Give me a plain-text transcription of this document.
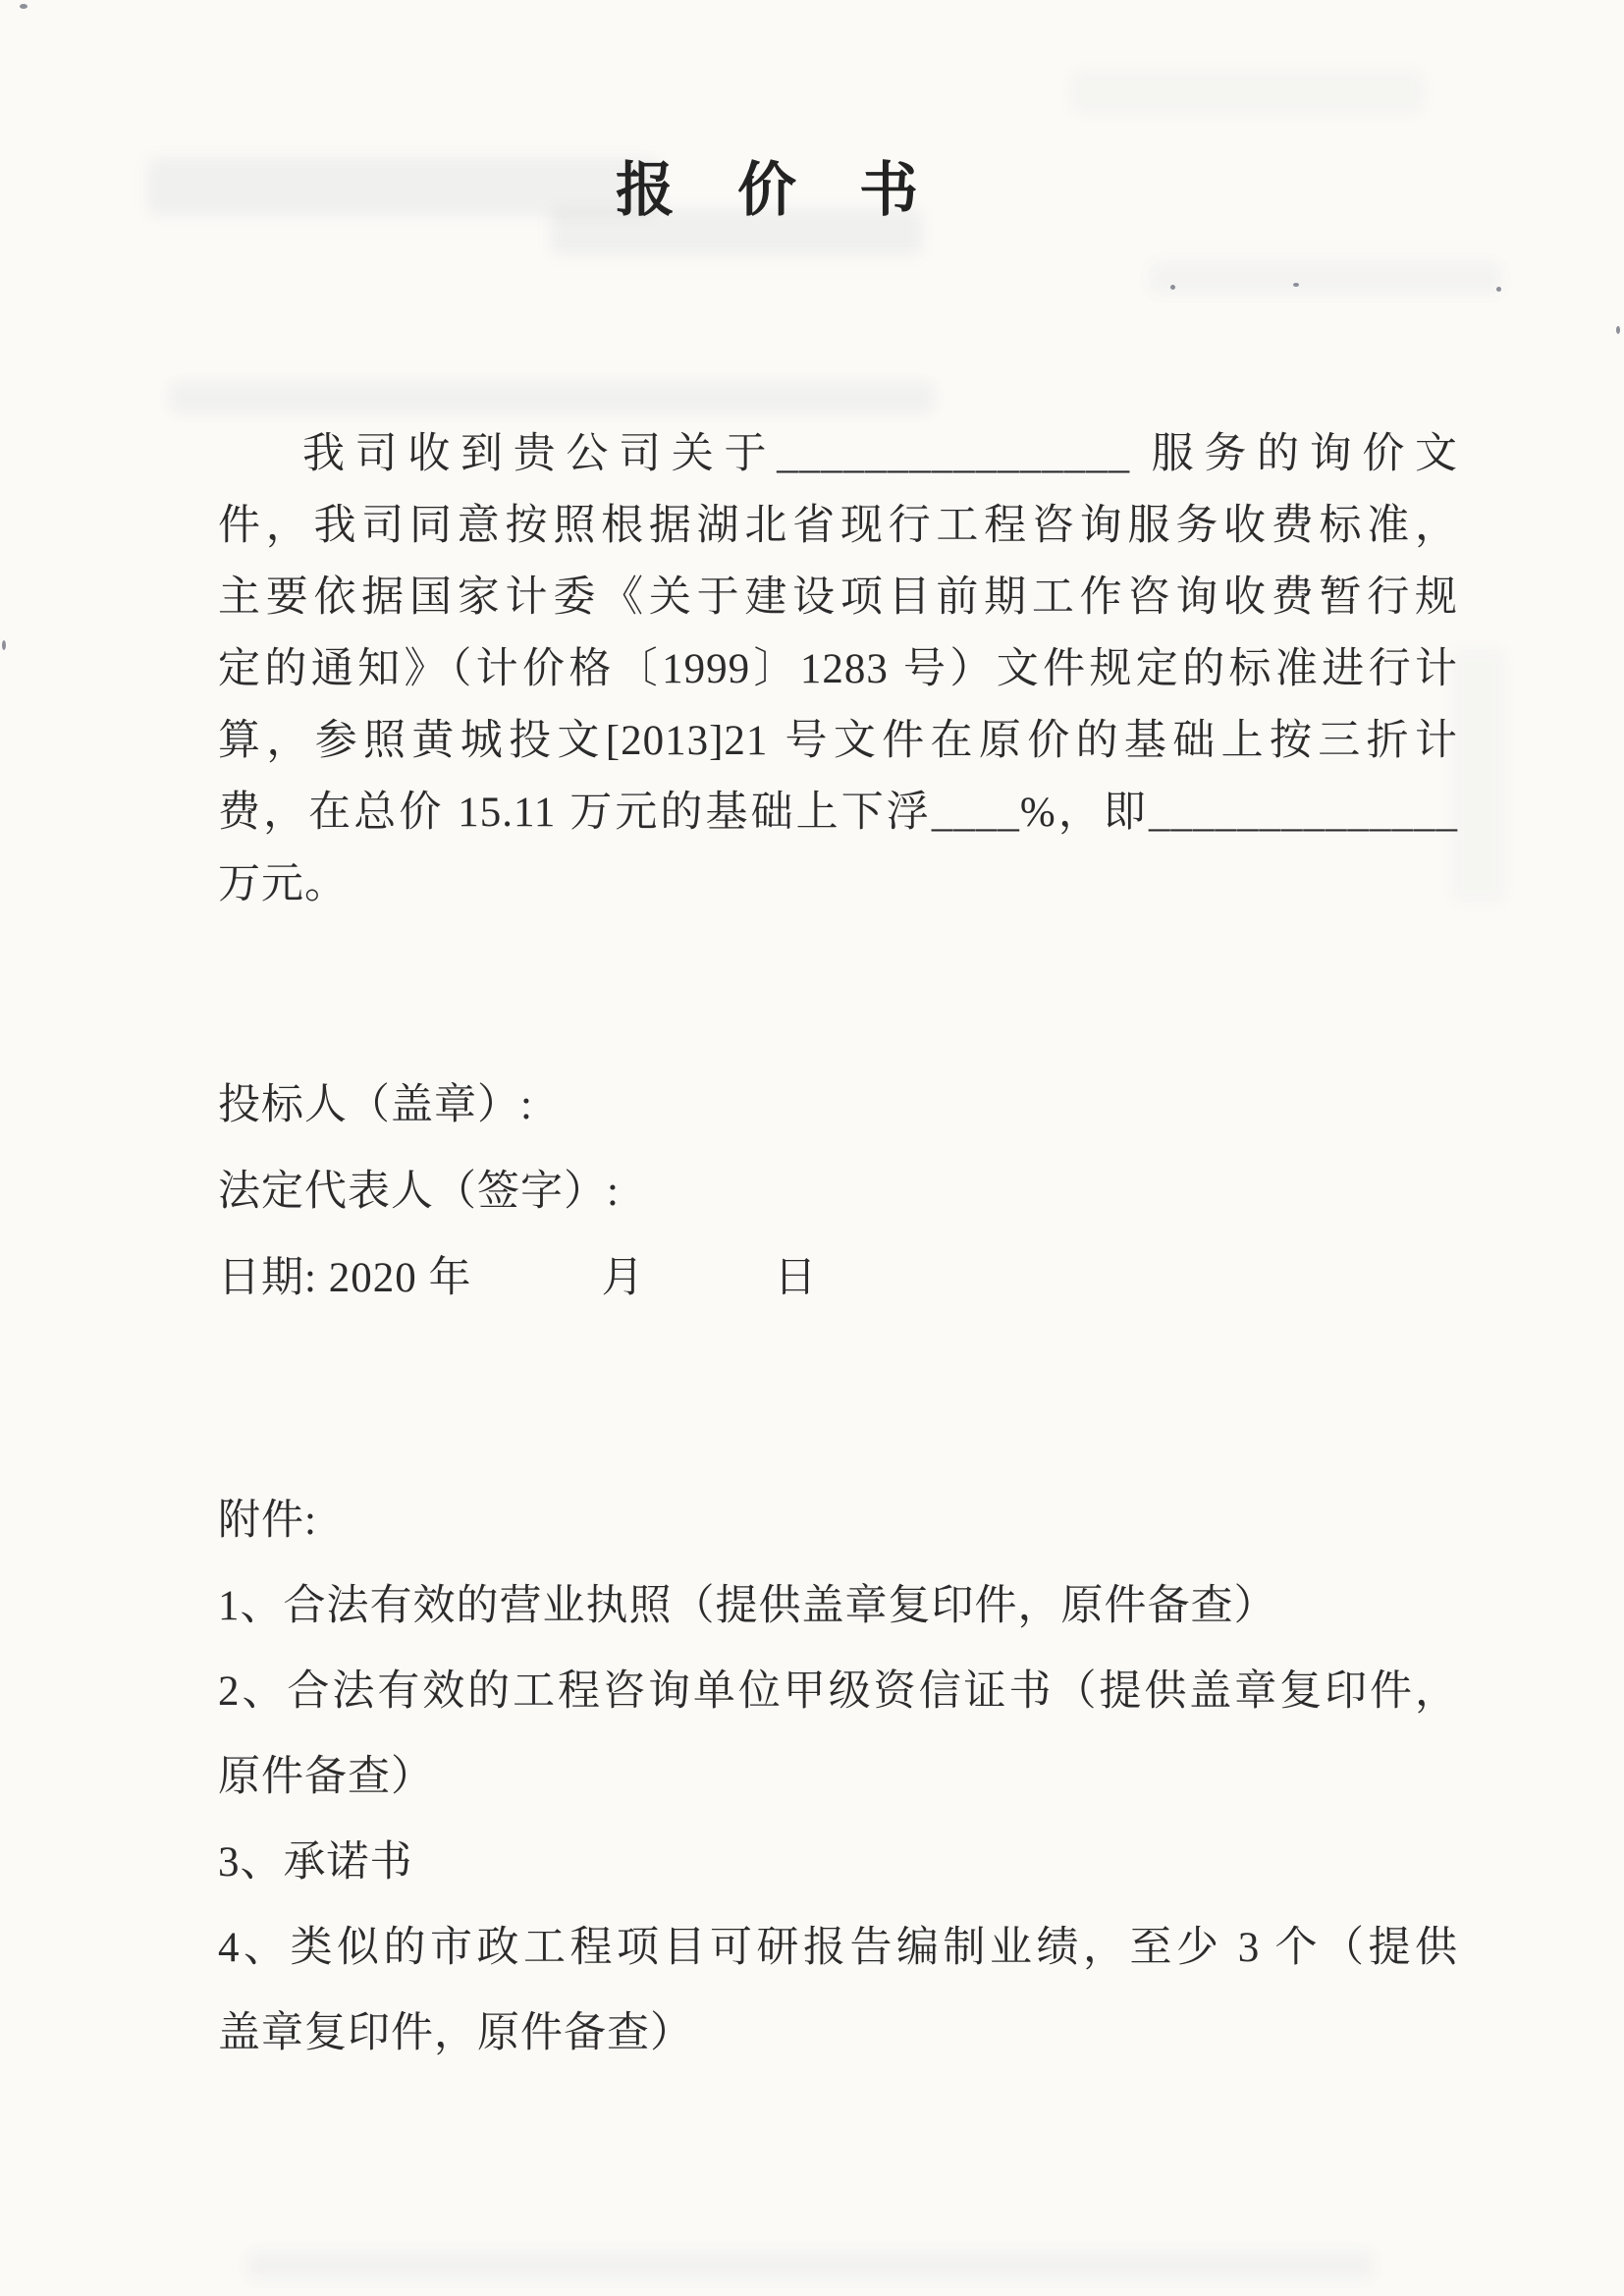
报　价　书
我司收到贵公司关于________________ 服务的询价文
件，我司同意按照根据湖北省现行工程咨询服务收费标准，
主要依据国家计委《关于建设项目前期工作咨询收费暂行规
定的通知》（计价格〔1999〕1283 号）文件规定的标准进行计
算，参照黄城投文[2013]21 号文件在原价的基础上按三折计
费，在总价 15.11 万元的基础上下浮____%，即______________
万元。
投标人（盖章）:
法定代表人（签字）:
日期: 2020 年　　　月　　　日
附件:
1、合法有效的营业执照（提供盖章复印件，原件备查）
2、合法有效的工程咨询单位甲级资信证书（提供盖章复印件，
原件备查）
3、承诺书
4、类似的市政工程项目可研报告编制业绩，至少 3 个（提供
盖章复印件，原件备查）
